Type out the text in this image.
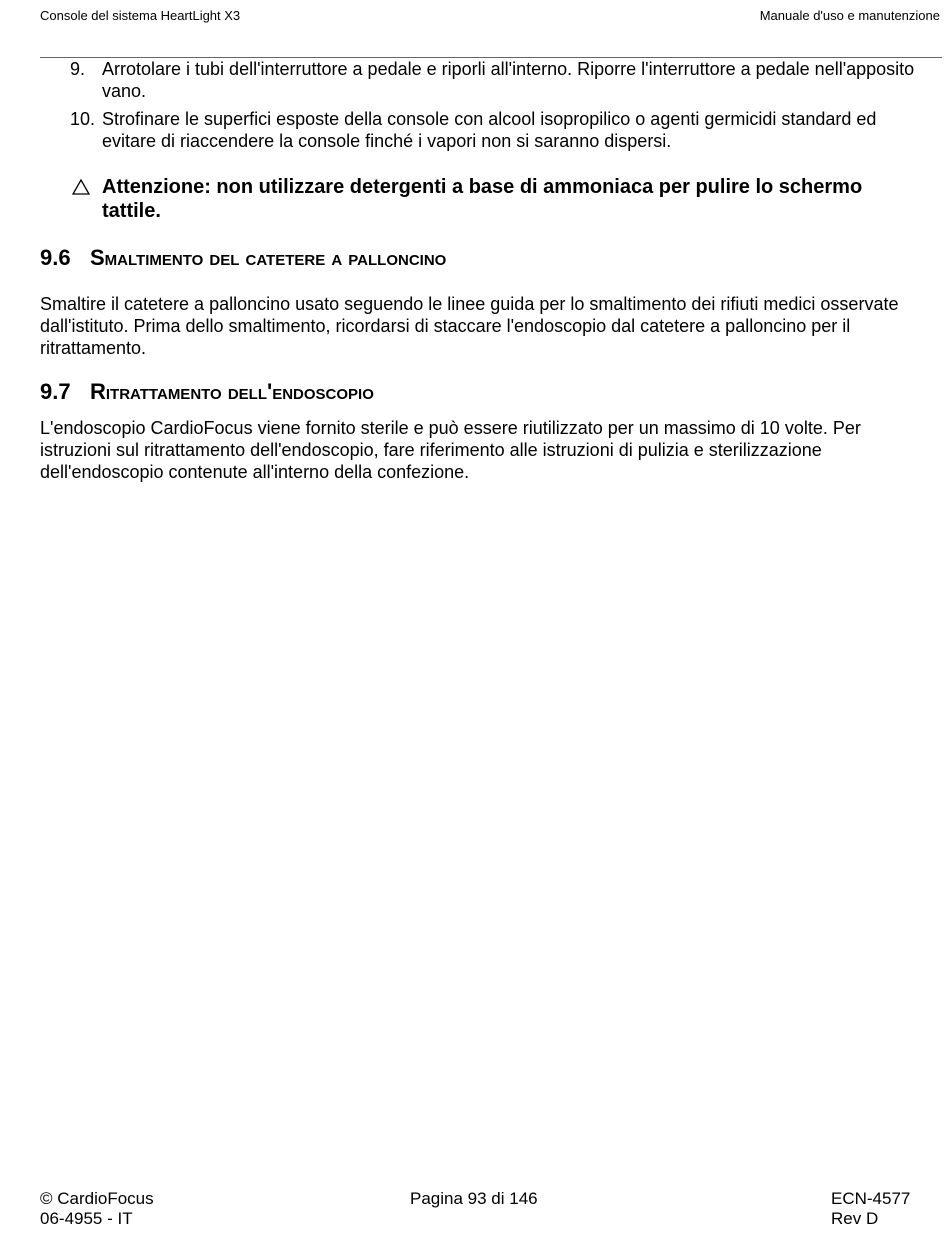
Console del sistema HeartLight X3	Manuale d'uso e manutenzione
9. Arrotolare i tubi dell'interruttore a pedale e riporli all'interno. Riporre l'interruttore a pedale nell'apposito vano.
10. Strofinare le superfici esposte della console con alcool isopropilico o agenti germicidi standard ed evitare di riaccendere la console finché i vapori non si saranno dispersi.
Attenzione: non utilizzare detergenti a base di ammoniaca per pulire lo schermo tattile.
9.6 Smaltimento del catetere a palloncino

Smaltire il catetere a palloncino usato seguendo le linee guida per lo smaltimento dei rifiuti medici osservate dall'istituto. Prima dello smaltimento, ricordarsi di staccare l'endoscopio dal catetere a palloncino per il ritrattamento.

9.7 Ritrattamento dell'endoscopio

L'endoscopio CardioFocus viene fornito sterile e può essere riutilizzato per un massimo di 10 volte. Per istruzioni sul ritrattamento dell'endoscopio, fare riferimento alle istruzioni di pulizia e sterilizzazione dell'endoscopio contenute all'interno della confezione.

© CardioFocus
06-4955 - IT
Pagina 93 di 146	ECN-4577
Rev D
